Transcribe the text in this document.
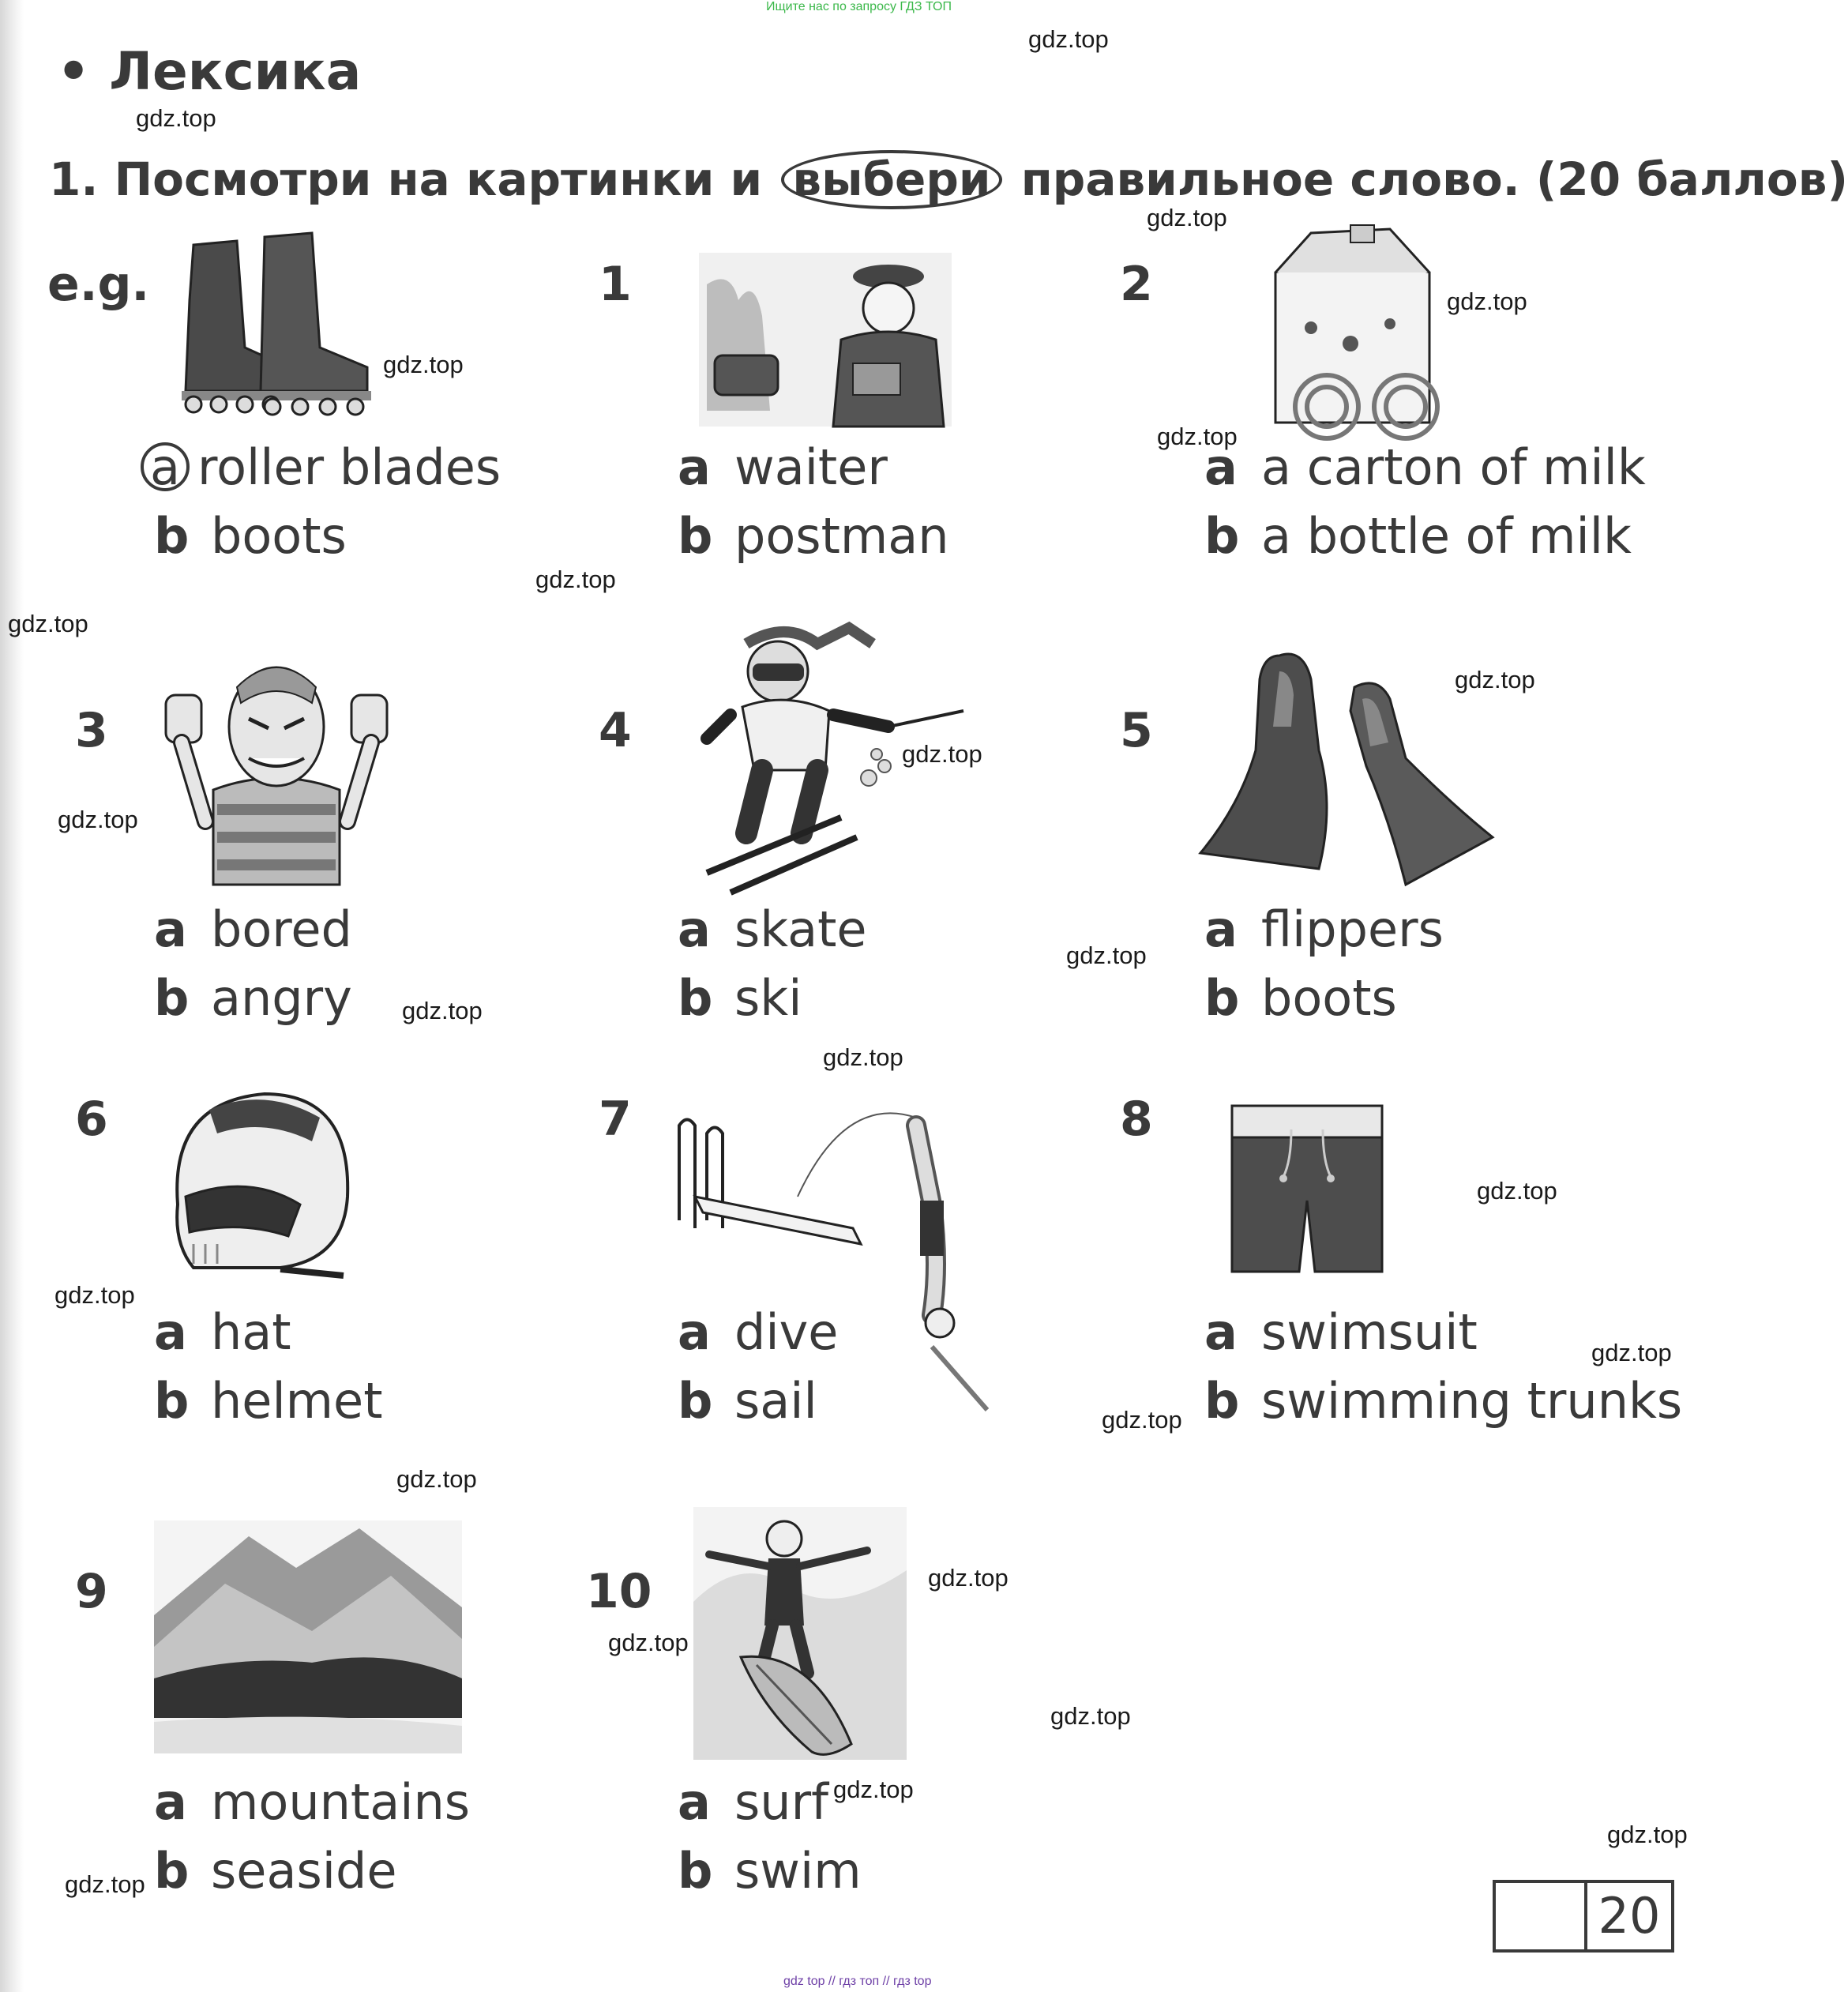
Ищите нас по запросу ГДЗ ТОП
• Лексика
1. Посмотри на картинки и выбери правильное слово. (20 баллов)
e.g.
a roller blades
b boots
1
a waiter
b postman
2
a a carton of milk
b a bottle of milk
3
a bored
b angry
4
a skate
b ski
5
a flippers
b boots
6
a hat
b helmet
7
a dive
b sail
8
a swimsuit
b swimming trunks
9
a mountains
b seaside
10
a surf
b swim
20
gdz.top
gdz.top
gdz.top
gdz.top
gdz.top
gdz.top
gdz.top
gdz.top
gdz.top
gdz.top
gdz.top
gdz.top
gdz.top
gdz.top
gdz.top
gdz.top
gdz.top
gdz.top
gdz.top
gdz.top
gdz.top
gdz.top
gdz.top
gdz.top
gdz.top
gdz top // гдз топ // гдз top
